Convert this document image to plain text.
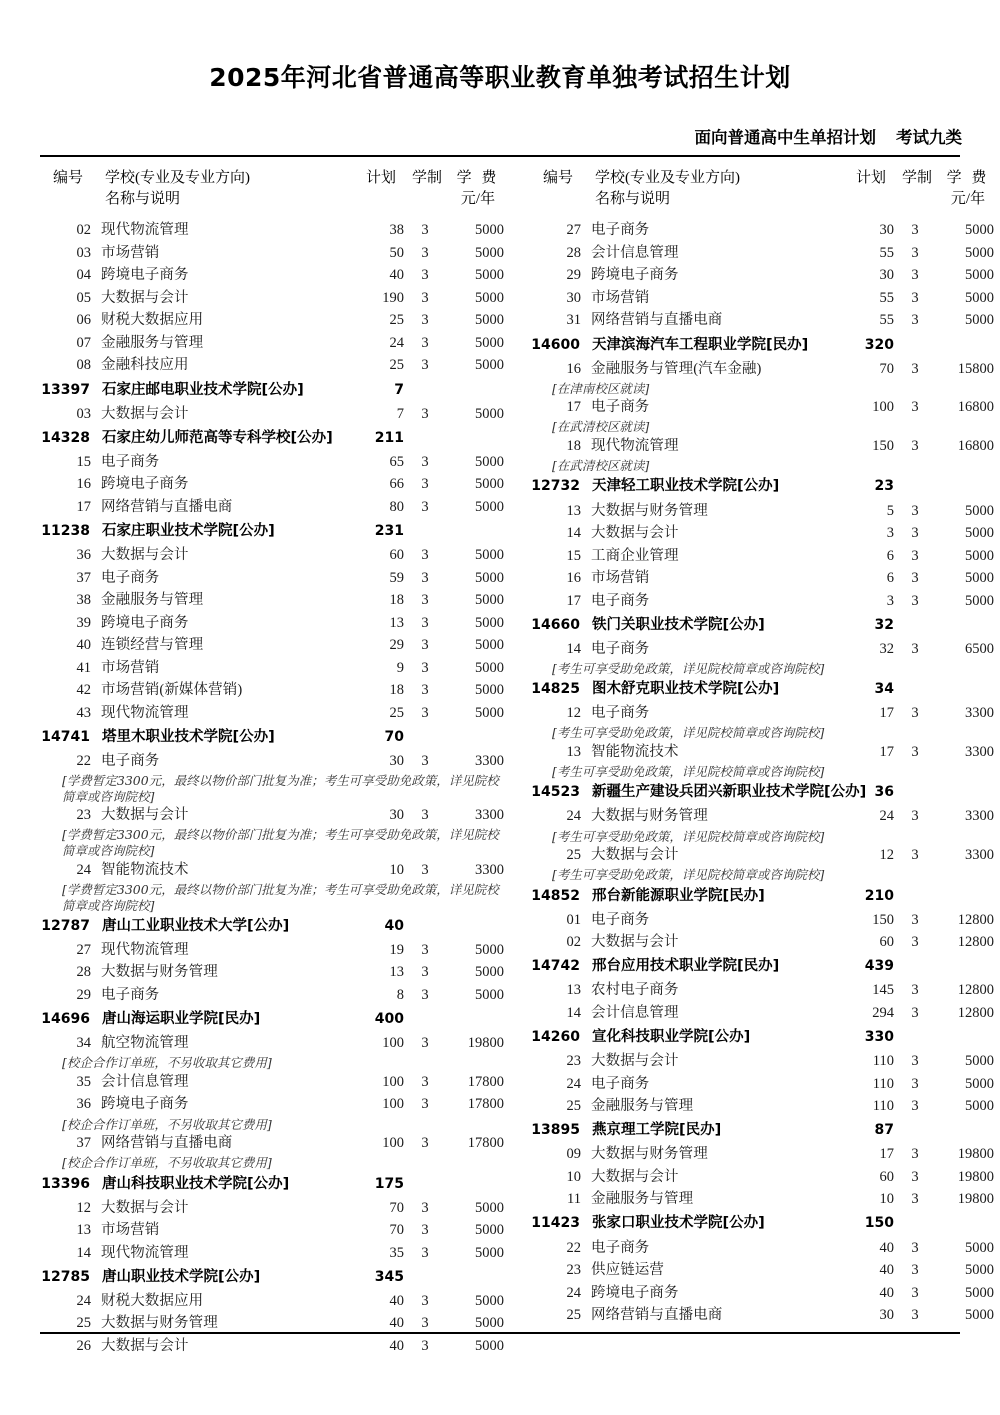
2025年河北省普通高等职业教育单独考试招生计划
面向普通高中生单招计划 考试九类
编号	学校(专业及专业方向)
名称与说明	计划	学制	学 费
元/年

02	现代物流管理	38	3	5000
03	市场营销	50	3	5000
04	跨境电子商务	40	3	5000
05	大数据与会计	190	3	5000
06	财税大数据应用	25	3	5000
07	金融服务与管理	24	3	5000
08	金融科技应用	25	3	5000
13397	石家庄邮电职业技术学院[公办]	7		
03	大数据与会计	7	3	5000
14328	石家庄幼儿师范高等专科学校[公办]	211		
15	电子商务	65	3	5000
16	跨境电子商务	66	3	5000
17	网络营销与直播电商	80	3	5000
11238	石家庄职业技术学院[公办]	231		
36	大数据与会计	60	3	5000
37	电子商务	59	3	5000
38	金融服务与管理	18	3	5000
39	跨境电子商务	13	3	5000
40	连锁经营与管理	29	3	5000
41	市场营销	9	3	5000
42	市场营销(新媒体营销)	18	3	5000
43	现代物流管理	25	3	5000
14741	塔里木职业技术学院[公办]	70		
22	电子商务	30	3	3300
[学费暂定3300元，最终以物价部门批复为准；考生可享受助免政策，详见院校简章或咨询院校]				
23	大数据与会计	30	3	3300
[学费暂定3300元，最终以物价部门批复为准；考生可享受助免政策，详见院校简章或咨询院校]				
24	智能物流技术	10	3	3300
[学费暂定3300元，最终以物价部门批复为准；考生可享受助免政策，详见院校简章或咨询院校]				
12787	唐山工业职业技术大学[公办]	40		
27	现代物流管理	19	3	5000
28	大数据与财务管理	13	3	5000
29	电子商务	8	3	5000
14696	唐山海运职业学院[民办]	400		
34	航空物流管理	100	3	19800
[校企合作订单班，不另收取其它费用]				
35	会计信息管理	100	3	17800
36	跨境电子商务	100	3	17800
[校企合作订单班，不另收取其它费用]				
37	网络营销与直播电商	100	3	17800
[校企合作订单班，不另收取其它费用]				
13396	唐山科技职业技术学院[公办]	175		
12	大数据与会计	70	3	5000
13	市场营销	70	3	5000
14	现代物流管理	35	3	5000
12785	唐山职业技术学院[公办]	345		
24	财税大数据应用	40	3	5000
25	大数据与财务管理	40	3	5000
26	大数据与会计	40	3	5000
编号	学校(专业及专业方向)
名称与说明	计划	学制	学 费
元/年

27	电子商务	30	3	5000
28	会计信息管理	55	3	5000
29	跨境电子商务	30	3	5000
30	市场营销	55	3	5000
31	网络营销与直播电商	55	3	5000
14600	天津滨海汽车工程职业学院[民办]	320		
16	金融服务与管理(汽车金融)	70	3	15800
[在津南校区就读]				
17	电子商务	100	3	16800
[在武清校区就读]				
18	现代物流管理	150	3	16800
[在武清校区就读]				
12732	天津轻工职业技术学院[公办]	23		
13	大数据与财务管理	5	3	5000
14	大数据与会计	3	3	5000
15	工商企业管理	6	3	5000
16	市场营销	6	3	5000
17	电子商务	3	3	5000
14660	铁门关职业技术学院[公办]	32		
14	电子商务	32	3	6500
[考生可享受助免政策，详见院校简章或咨询院校]				
14825	图木舒克职业技术学院[公办]	34		
12	电子商务	17	3	3300
[考生可享受助免政策，详见院校简章或咨询院校]				
13	智能物流技术	17	3	3300
[考生可享受助免政策，详见院校简章或咨询院校]				
14523	新疆生产建设兵团兴新职业技术学院[公办]	36		
24	大数据与财务管理	24	3	3300
[考生可享受助免政策，详见院校简章或咨询院校]				
25	大数据与会计	12	3	3300
[考生可享受助免政策，详见院校简章或咨询院校]				
14852	邢台新能源职业学院[民办]	210		
01	电子商务	150	3	12800
02	大数据与会计	60	3	12800
14742	邢台应用技术职业学院[民办]	439		
13	农村电子商务	145	3	12800
14	会计信息管理	294	3	12800
14260	宣化科技职业学院[公办]	330		
23	大数据与会计	110	3	5000
24	电子商务	110	3	5000
25	金融服务与管理	110	3	5000
13895	燕京理工学院[民办]	87		
09	大数据与财务管理	17	3	19800
10	大数据与会计	60	3	19800
11	金融服务与管理	10	3	19800
11423	张家口职业技术学院[公办]	150		
22	电子商务	40	3	5000
23	供应链运营	40	3	5000
24	跨境电子商务	40	3	5000
25	网络营销与直播电商	30	3	5000
